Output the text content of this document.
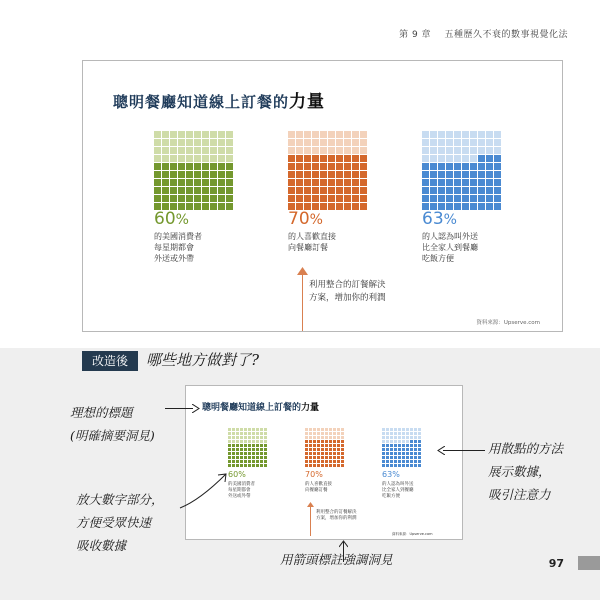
第 9 章 五種歷久不衰的數事視覺化法
聰明餐廳知道線上訂餐的力量
60%
的美國消費者
每星期都會
外送或外帶
70%
的人喜歡直接
向餐廳訂餐
63%
的人認為叫外送
比全家人到餐廳
吃飯方便
利用整合的訂餐解決
方案，增加你的利潤
資料來源：Upserve.com
改造後	哪些地方做對了?
聰明餐廳知道線上訂餐的力量
60%
的美國消費者
每星期都會
外送或外帶
70%
的人喜歡直接
向餐廳訂餐
63%
的人認為叫外送
比全家人到餐廳
吃飯方便
利用整合的訂餐解決
方案，增加你的利潤
資料來源：Upserve.com
理想的標題
(明確摘要洞見)
放大數字部分，
方便受眾快速
吸收數據
用散點的方法
展示數據，
吸引注意力
用箭頭標註強調洞見	97
